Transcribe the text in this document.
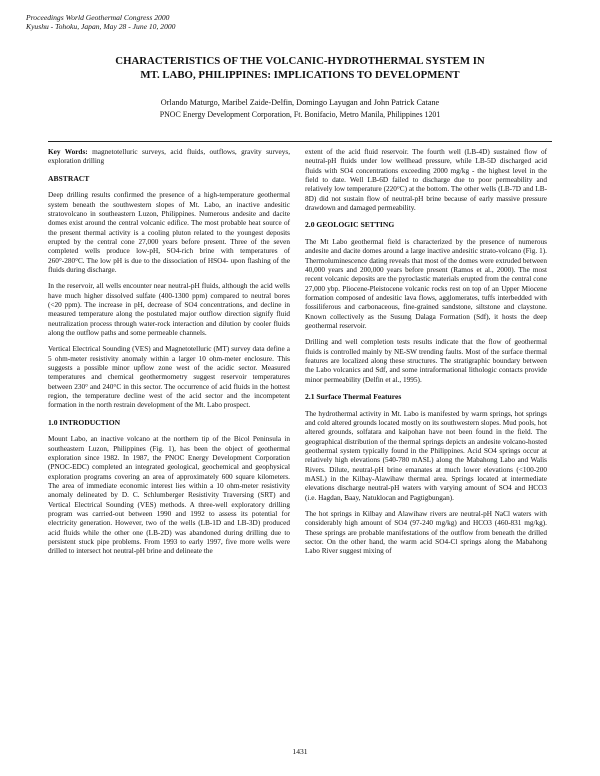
Proceedings World Geothermal Congress 2000
Kyushu - Tohoku, Japan, May 28 - June 10, 2000
CHARACTERISTICS OF THE VOLCANIC-HYDROTHERMAL SYSTEM IN
MT. LABO, PHILIPPINES: IMPLICATIONS TO DEVELOPMENT
Orlando Maturgo, Maribel Zaide-Delfin, Domingo Layugan and John Patrick Catane
PNOC Energy Development Corporation, Ft. Bonifacio, Metro Manila, Philippines 1201

Key Words: magnetotelluric surveys, acid fluids, outflows, gravity surveys, exploration drilling

ABSTRACT

Deep drilling results confirmed the presence of a high-temperature geothermal system beneath the southwestern slopes of Mt. Labo, an inactive andesitic stratovolcano in southeastern Luzon, Philippines. Numerous andesite and dacite domes exist around the central volcanic edifice. The most probable heat source of the present thermal activity is a cooling pluton related to the youngest deposits erupted by the central cone 27,000 years before present. Three of the seven completed wells produce low-pH, SO4-rich brine with temperatures of 260°-280°C. The low pH is due to the dissociation of HSO4- upon flashing of the fluids during discharge.

In the reservoir, all wells encounter near neutral-pH fluids, although the acid wells have much higher dissolved sulfate (400-1300 ppm) compared to neutral bores (<20 ppm). The increase in pH, decrease of SO4 concentrations, and decline in measured temperature along the postulated major outflow direction signify fluid neutralization process through water-rock interaction and dilution by cooler fluids along the outflow paths and some permeable channels.

Vertical Electrical Sounding (VES) and Magnetotelluric (MT) survey data define a 5 ohm-meter resistivity anomaly within a larger 10 ohm-meter enclosure. This suggests a possible minor upflow zone west of the acidic sector. Measured temperatures and chemical geothermometry suggest reservoir temperatures between 230° and 240°C in this sector. The occurrence of acid fluids in the hottest region, the temperature decline west of the acid sector and the incompetent formation in the north restrain development of the Mt. Labo prospect.

1.0 INTRODUCTION

Mount Labo, an inactive volcano at the northern tip of the Bicol Peninsula in southeastern Luzon, Philippines (Fig. 1), has been the object of geothermal exploration since 1982. In 1987, the PNOC Energy Development Corporation (PNOC-EDC) completed an integrated geological, geochemical and geophysical exploration programs covering an area of approximately 600 square kilometers. The area of immediate economic interest lies within a 10 ohm-meter resistivity anomaly delineated by D. C. Schlumberger Resistivity Traversing (SRT) and Vertical Electrical Sounding (VES) methods. A three-well exploratory drilling program was carried-out between 1990 and 1992 to assess its potential for electricity generation. However, two of the wells (LB-1D and LB-3D) produced acid fluids while the other one (LB-2D) was abandoned during drilling due to persistent stuck pipe problems. From 1993 to early 1997, five more wells were drilled to intersect hot neutral-pH brine and delineate the

extent of the acid fluid reservoir. The fourth well (LB-4D) sustained flow of neutral-pH fluids under low wellhead pressure, while LB-5D discharged acid fluids with SO4 concentrations exceeding 2000 mg/kg - the highest level in the field to date. Well LB-6D failed to discharge due to poor permeability and relatively low temperature (220°C) at the bottom. The other wells (LB-7D and LB-8D) did not sustain flow of neutral-pH brine because of early massive pressure drawdown and damaged permeability.

2.0 GEOLOGIC SETTING

The Mt Labo geothermal field is characterized by the presence of numerous andesite and dacite domes around a large inactive andesitic strato-volcano (Fig. 1). Thermoluminescence dating reveals that most of the domes were extruded between 40,000 years and 200,000 years before present (Ramos et al., 2000). The most recent volcanic deposits are the pyroclastic materials erupted from the central cone 27,000 ybp. Pliocene-Pleistocene volcanic rocks rest on top of an Upper Miocene formation composed of andesitic lava flows, agglomerates, tuffs interbedded with fossiliferous and carbonaceous, fine-grained sandstone, siltstone and claystone. Known collectively as the Susung Dalaga Formation (Sdf), it hosts the deep geothermal reservoir.

Drilling and well completion tests results indicate that the flow of geothermal fluids is controlled mainly by NE-SW trending faults. Most of the surface thermal features are localized along these structures. The stratigraphic boundary between the Labo volcanics and Sdf, and some intraformational lithologic contacts provide minor permeability (Delfin et al., 1995).

2.1 Surface Thermal Features

The hydrothermal activity in Mt. Labo is manifested by warm springs, hot springs and cold altered grounds located mostly on its southwestern slopes. Mud pools, hot altered grounds, solfatara and kaipohan have not been found in the field. The geographical distribution of the thermal springs depicts an andesite volcano-hosted geothermal system typically found in the Philippines. Acid SO4 springs occur at relatively high elevations (540-780 mASL) along the Mabahong Labo and Walis Rivers. Dilute, neutral-pH brine emanates at much lower elevations (<100-200 mASL) in the Kilbay-Alawihaw thermal area. Springs located at intermediate elevations discharge neutral-pH waters with varying amount of SO4 and HCO3 (i.e. Hagdan, Baay, Natuklocan and Pagtigbungan).

The hot springs in Kilbay and Alawihaw rivers are neutral-pH NaCl waters with considerably high amount of SO4 (97-240 mg/kg) and HCO3 (460-831 mg/kg). These springs are probable manifestations of the outflow from beneath the drilled sector. On the other hand, the warm acid SO4-Cl springs along the Mabahong Labo River suggest mixing of

1431
